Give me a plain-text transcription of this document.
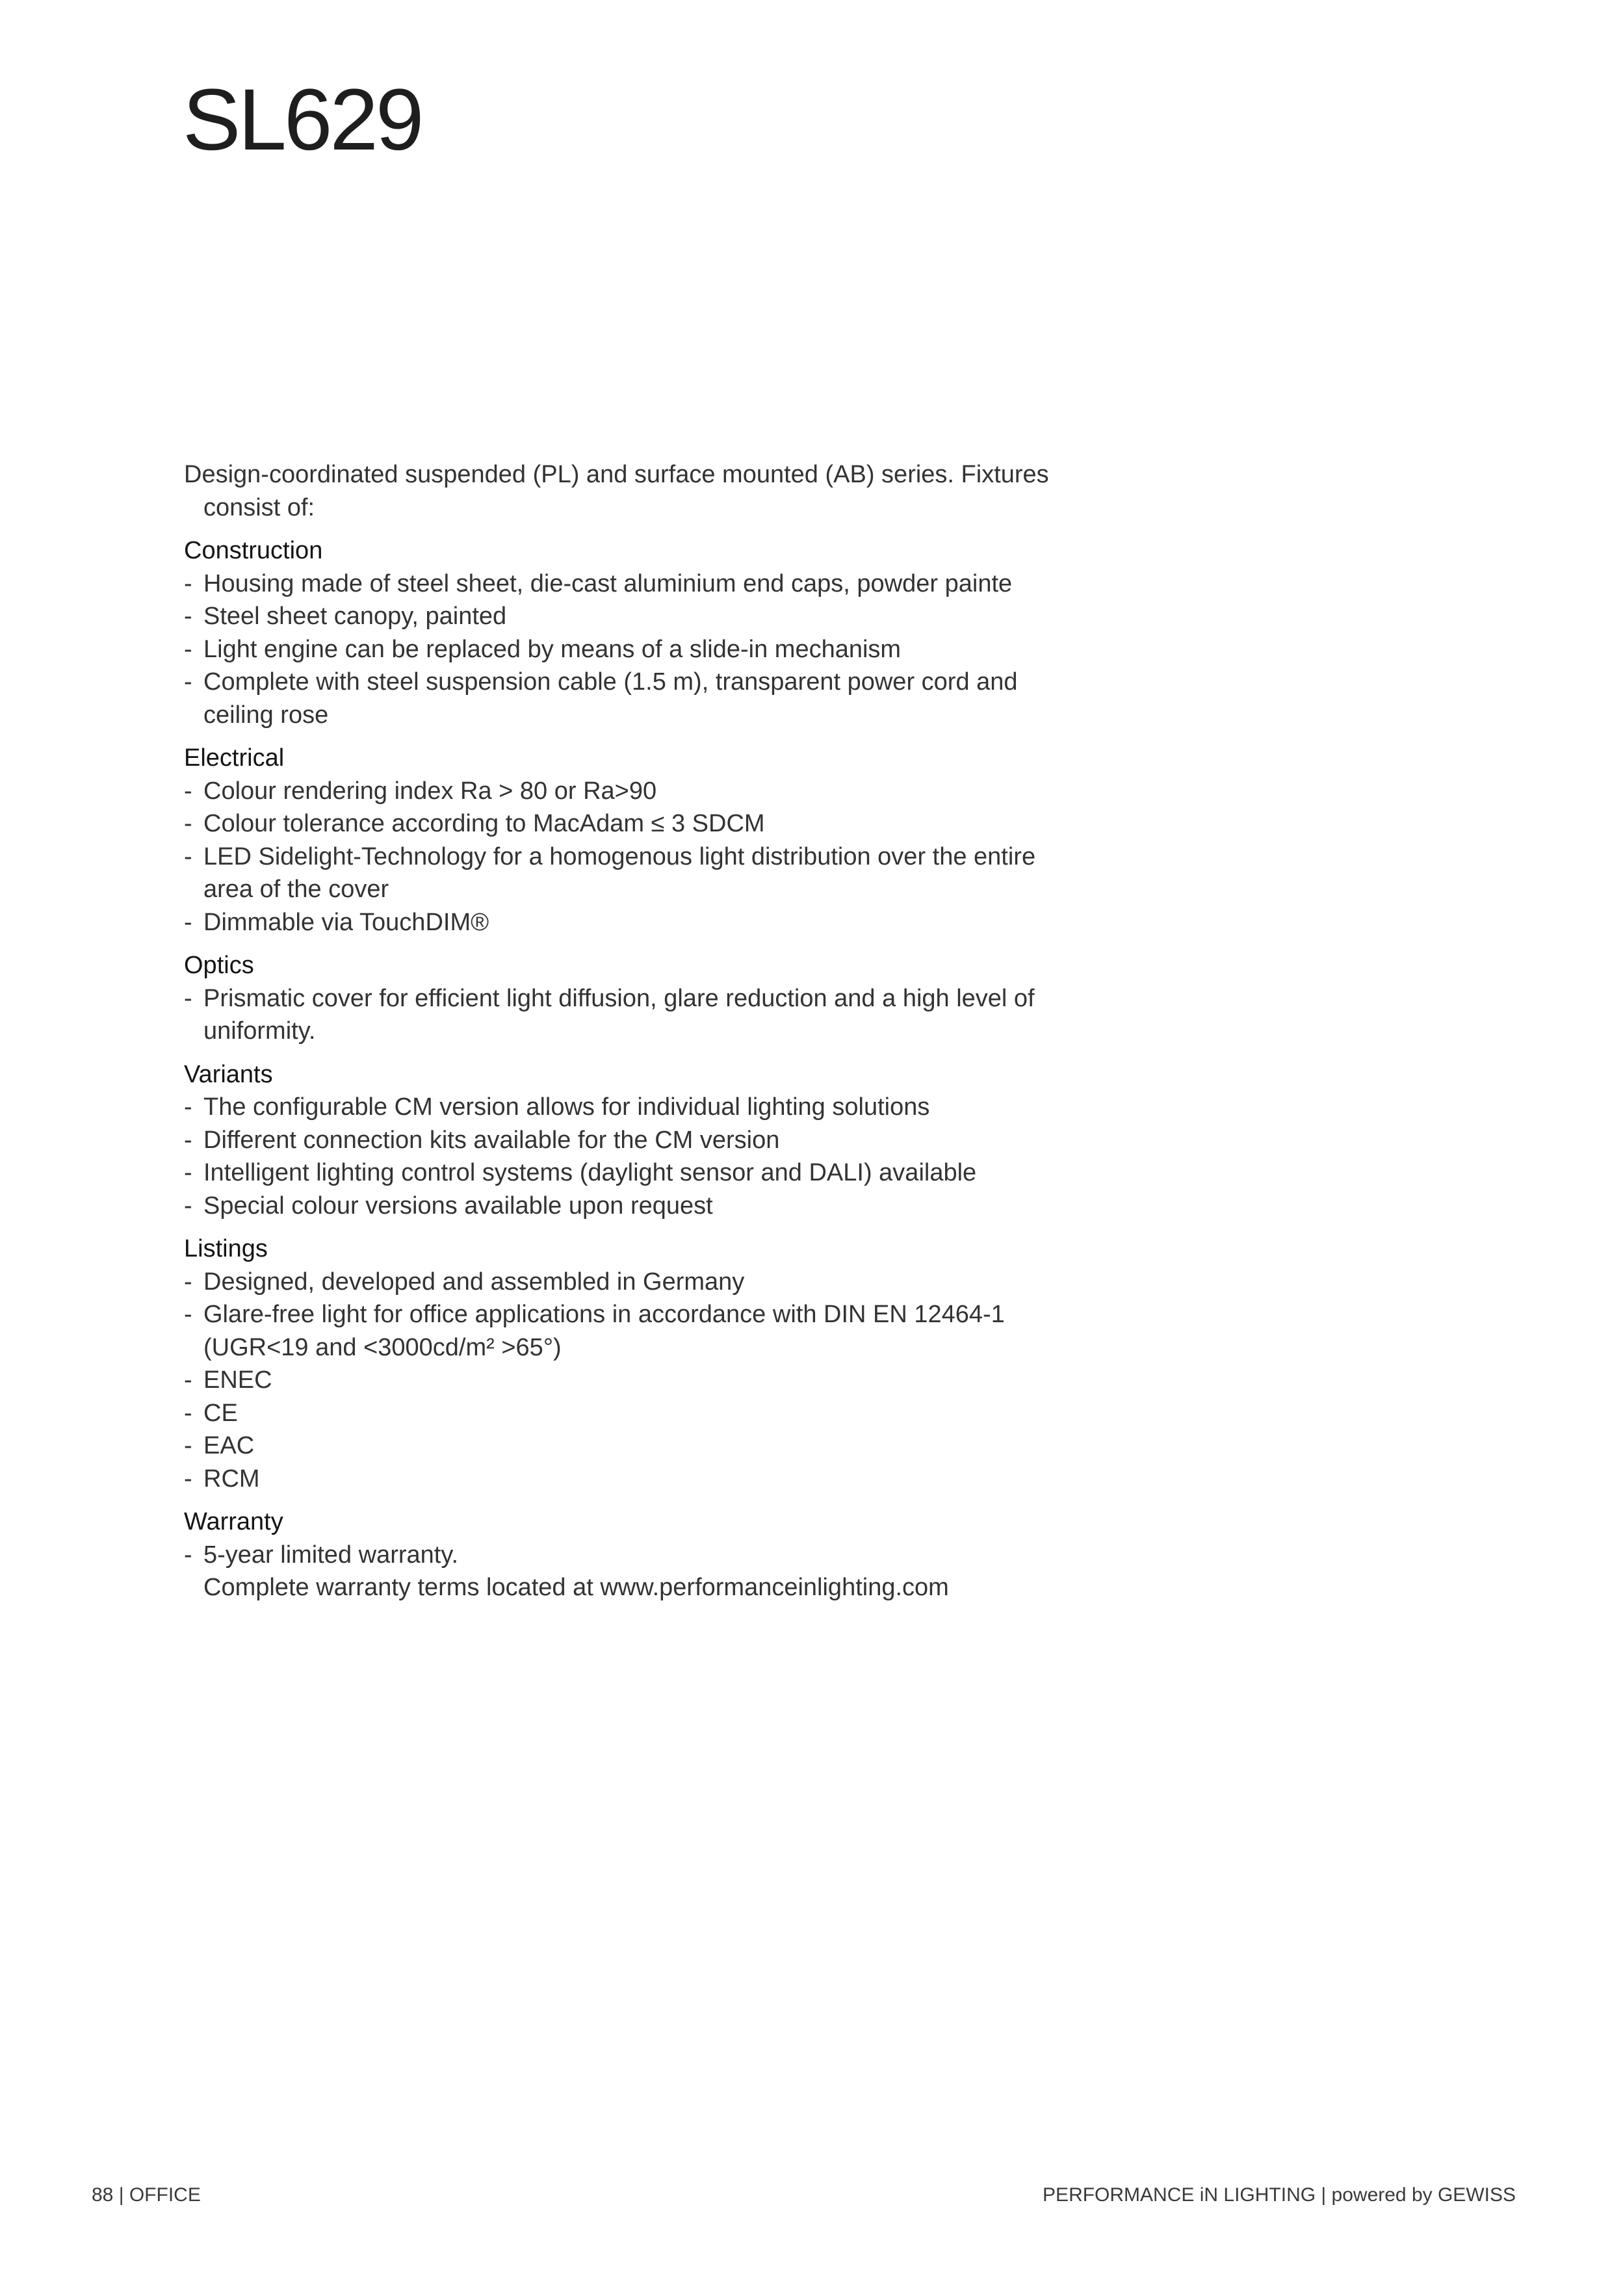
SL629

Design-coordinated suspended (PL) and surface mounted (AB) series. Fixtures consist of:

Construction
- Housing made of steel sheet, die-cast aluminium end caps, powder painte
- Steel sheet canopy, painted
- Light engine can be replaced by means of a slide-in mechanism
- Complete with steel suspension cable (1.5 m), transparent power cord and ceiling rose
Electrical
- Colour rendering index Ra > 80 or Ra>90
- Colour tolerance according to MacAdam ≤ 3 SDCM
- LED Sidelight-Technology for a homogenous light distribution over the entire area of the cover
- Dimmable via TouchDIM®
Optics
- Prismatic cover for efficient light diffusion, glare reduction and a high level of uniformity.
Variants
- The configurable CM version allows for individual lighting solutions
- Different connection kits available for the CM version
- Intelligent lighting control systems (daylight sensor and DALI) available
- Special colour versions available upon request
Listings
- Designed, developed and assembled in Germany
- Glare-free light for office applications in accordance with DIN EN 12464-1 (UGR<19 and <3000cd/m² >65°)
- ENEC
- CE
- EAC
- RCM
Warranty
- 5-year limited warranty.
Complete warranty terms located at www.performanceinlighting.com
88 | OFFICE	PERFORMANCE iN LIGHTING | powered by GEWISS
